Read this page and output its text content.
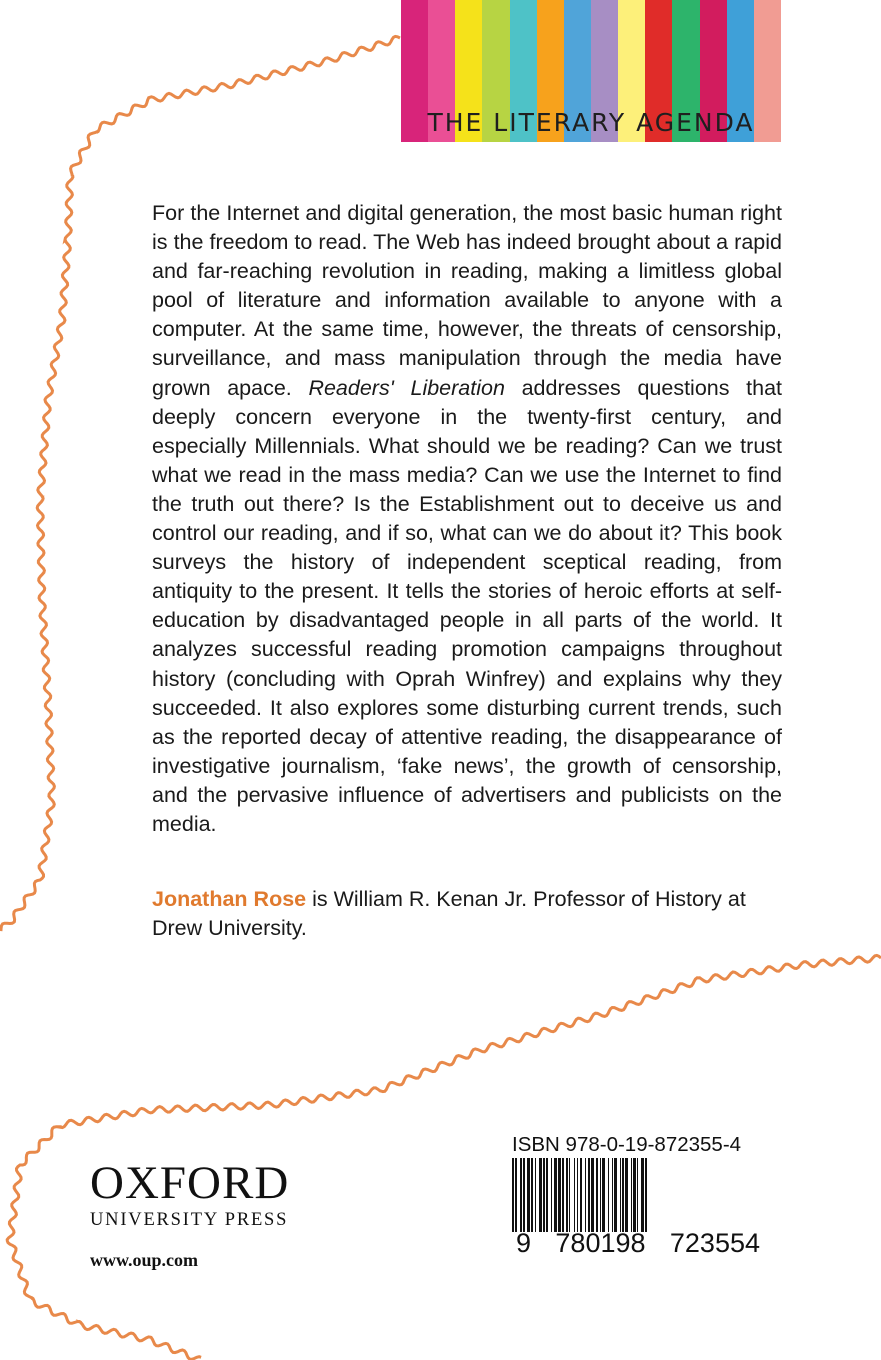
THE LITERARY AGENDA

For the Internet and digital generation, the most basic human right is the freedom to read. The Web has indeed brought about a rapid and far-reaching revolution in reading, making a limitless global pool of literature and information available to anyone with a computer. At the same time, however, the threats of censorship, surveillance, and mass manipulation through the media have grown apace. Readers' Liberation addresses questions that deeply concern everyone in the twenty-first century, and especially Millennials. What should we be reading? Can we trust what we read in the mass media? Can we use the Internet to find the truth out there? Is the Establishment out to deceive us and control our reading, and if so, what can we do about it? This book surveys the history of independent sceptical reading, from antiquity to the present. It tells the stories of heroic efforts at self-education by disadvantaged people in all parts of the world. It analyzes successful reading promotion campaigns throughout history (concluding with Oprah Winfrey) and explains why they succeeded. It also explores some disturbing current trends, such as the reported decay of attentive reading, the disappearance of investigative journalism, ‘fake news’, the growth of censorship, and the pervasive influence of advertisers and publicists on the media.

Jonathan Rose is William R. Kenan Jr. Professor of History at Drew University.

OXFORD
UNIVERSITY PRESS
www.oup.com
ISBN 978-0-19-872355-4
9 780198 723554
